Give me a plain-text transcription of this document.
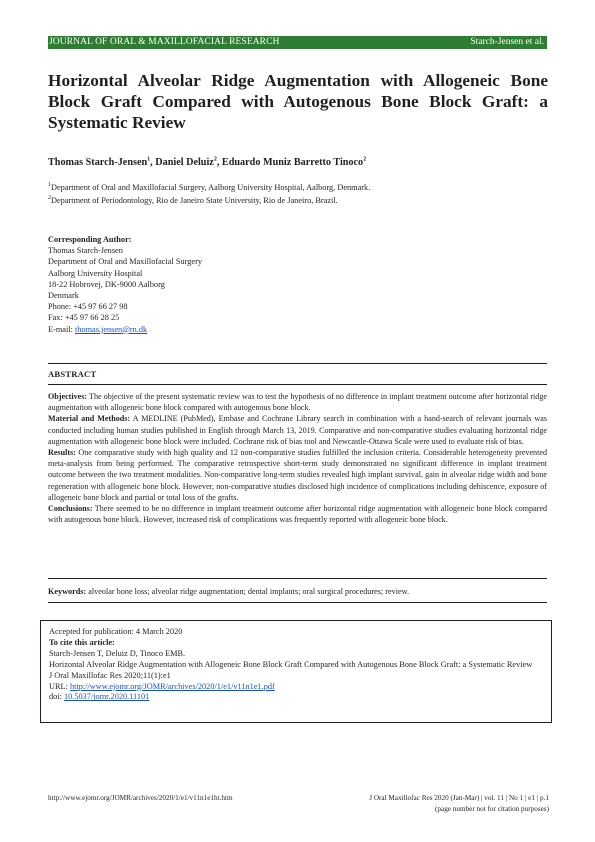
JOURNAL OF ORAL & MAXILLOFACIAL RESEARCH	Starch-Jensen et al.
Horizontal Alveolar Ridge Augmentation with Allogeneic Bone Block Graft Compared with Autogenous Bone Block Graft: a Systematic Review

Thomas Starch-Jensen$^1$, Daniel Deluiz$^2$, Eduardo Muniz Barretto Tinoco$^2$

$^1$Department of Oral and Maxillofacial Surgery, Aalborg University Hospital, Aalborg, Denmark.

$^2$Department of Periodontology, Rio de Janeiro State University, Rio de Janeiro, Brazil.

Corresponding Author:
Thomas Starch-Jensen
Department of Oral and Maxillofacial Surgery
Aalborg University Hospital
18-22 Hobrovej, DK-9000 Aalborg
Denmark
Phone: +45 97 66 27 98
Fax: +45 97 66 28 25
E-mail: thomas.jensen@rn.dk
ABSTRACT

Objectives: The objective of the present systematic review was to test the hypothesis of no difference in implant treatment outcome after horizontal ridge augmentation with allogeneic bone block compared with autogenous bone block.

Material and Methods: A MEDLINE (PubMed), Embase and Cochrane Library search in combination with a hand-search of relevant journals was conducted including human studies published in English through March 13, 2019. Comparative and non-comparative studies evaluating horizontal ridge augmentation with allogeneic bone block were included. Cochrane risk of bias tool and Newcastle-Ottawa Scale were used to evaluate risk of bias.

Results: One comparative study with high quality and 12 non-comparative studies fulfilled the inclusion criteria. Considerable heterogeneity prevented meta-analysis from being performed. The comparative retrospective short-term study demonstrated no significant difference in implant treatment outcome between the two treatment modalities. Non-comparative long-term studies revealed high implant survival, gain in alveolar ridge width and bone regeneration with allogeneic bone block. However, non-comparative studies disclosed high incidence of complications including dehiscence, exposure of allogeneic bone block and partial or total loss of the grafts.

Conclusions: There seemed to be no difference in implant treatment outcome after horizontal ridge augmentation with allogeneic bone block compared with autogenous bone block. However, increased risk of complications was frequently reported with allogeneic bone block.

Keywords: alveolar bone loss; alveolar ridge augmentation; dental implants; oral surgical procedures; review.
Accepted for publication: 4 March 2020
To cite this article:
Starch-Jensen T, Deluiz D, Tinoco EMB.
Horizontal Alveolar Ridge Augmentation with Allogeneic Bone Block Graft Compared with Autogenous Bone Block Graft: a Systematic Review
J Oral Maxillofac Res 2020;11(1):e1
URL: http://www.ejomr.org/JOMR/archives/2020/1/e1/v11n1e1.pdf
doi: 10.5037/jomr.2020.11101
http://www.ejomr.org/JOMR/archives/2020/1/e1/v11n1e1ht.htm	J Oral Maxillofac Res 2020 (Jan-Mar) | vol. 11 | No 1 | e1 | p.1
(page number not for citation purposes)
